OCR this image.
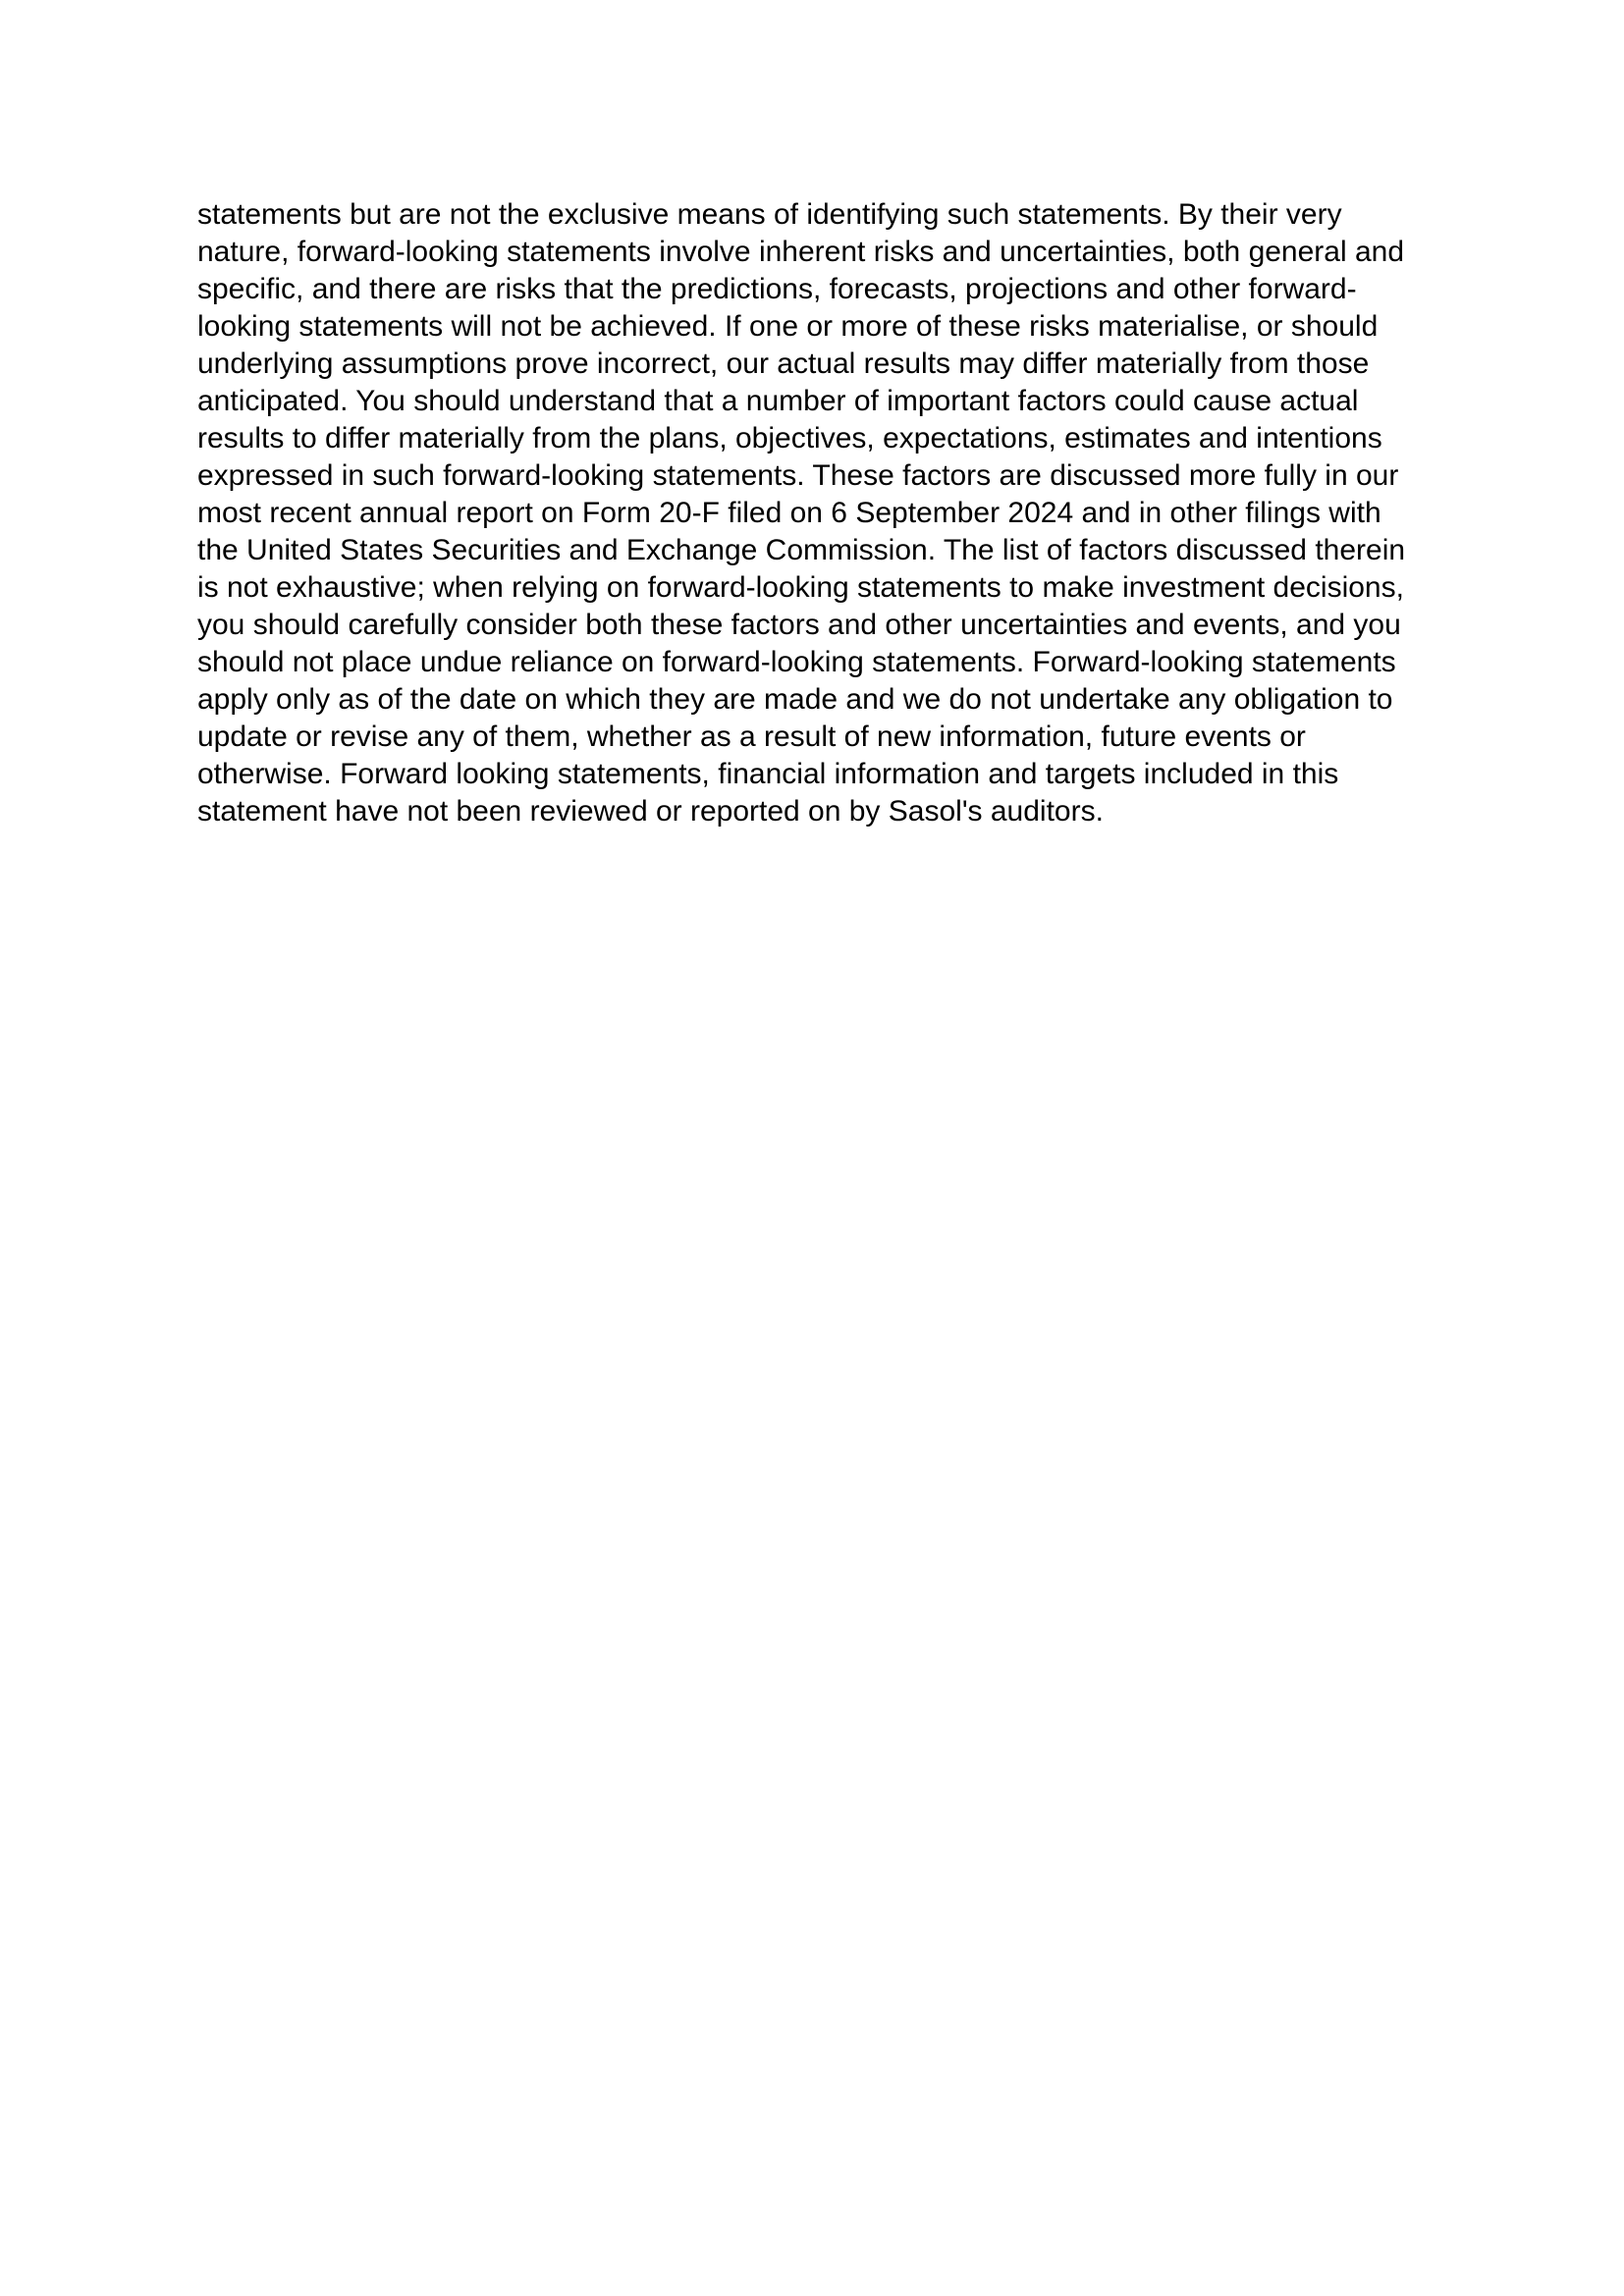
statements but are not the exclusive means of identifying such statements. By their very
nature, forward-looking statements involve inherent risks and uncertainties, both general and
specific, and there are risks that the predictions, forecasts, projections and other forward-
looking statements will not be achieved. If one or more of these risks materialise, or should
underlying assumptions prove incorrect, our actual results may differ materially from those
anticipated. You should understand that a number of important factors could cause actual
results to differ materially from the plans, objectives, expectations, estimates and intentions
expressed in such forward-looking statements. These factors are discussed more fully in our
most recent annual report on Form 20-F filed on 6 September 2024 and in other filings with
the United States Securities and Exchange Commission. The list of factors discussed therein
is not exhaustive; when relying on forward-looking statements to make investment decisions,
you should carefully consider both these factors and other uncertainties and events, and you
should not place undue reliance on forward-looking statements. Forward-looking statements
apply only as of the date on which they are made and we do not undertake any obligation to
update or revise any of them, whether as a result of new information, future events or
otherwise. Forward looking statements, financial information and targets included in this
statement have not been reviewed or reported on by Sasol's auditors.
